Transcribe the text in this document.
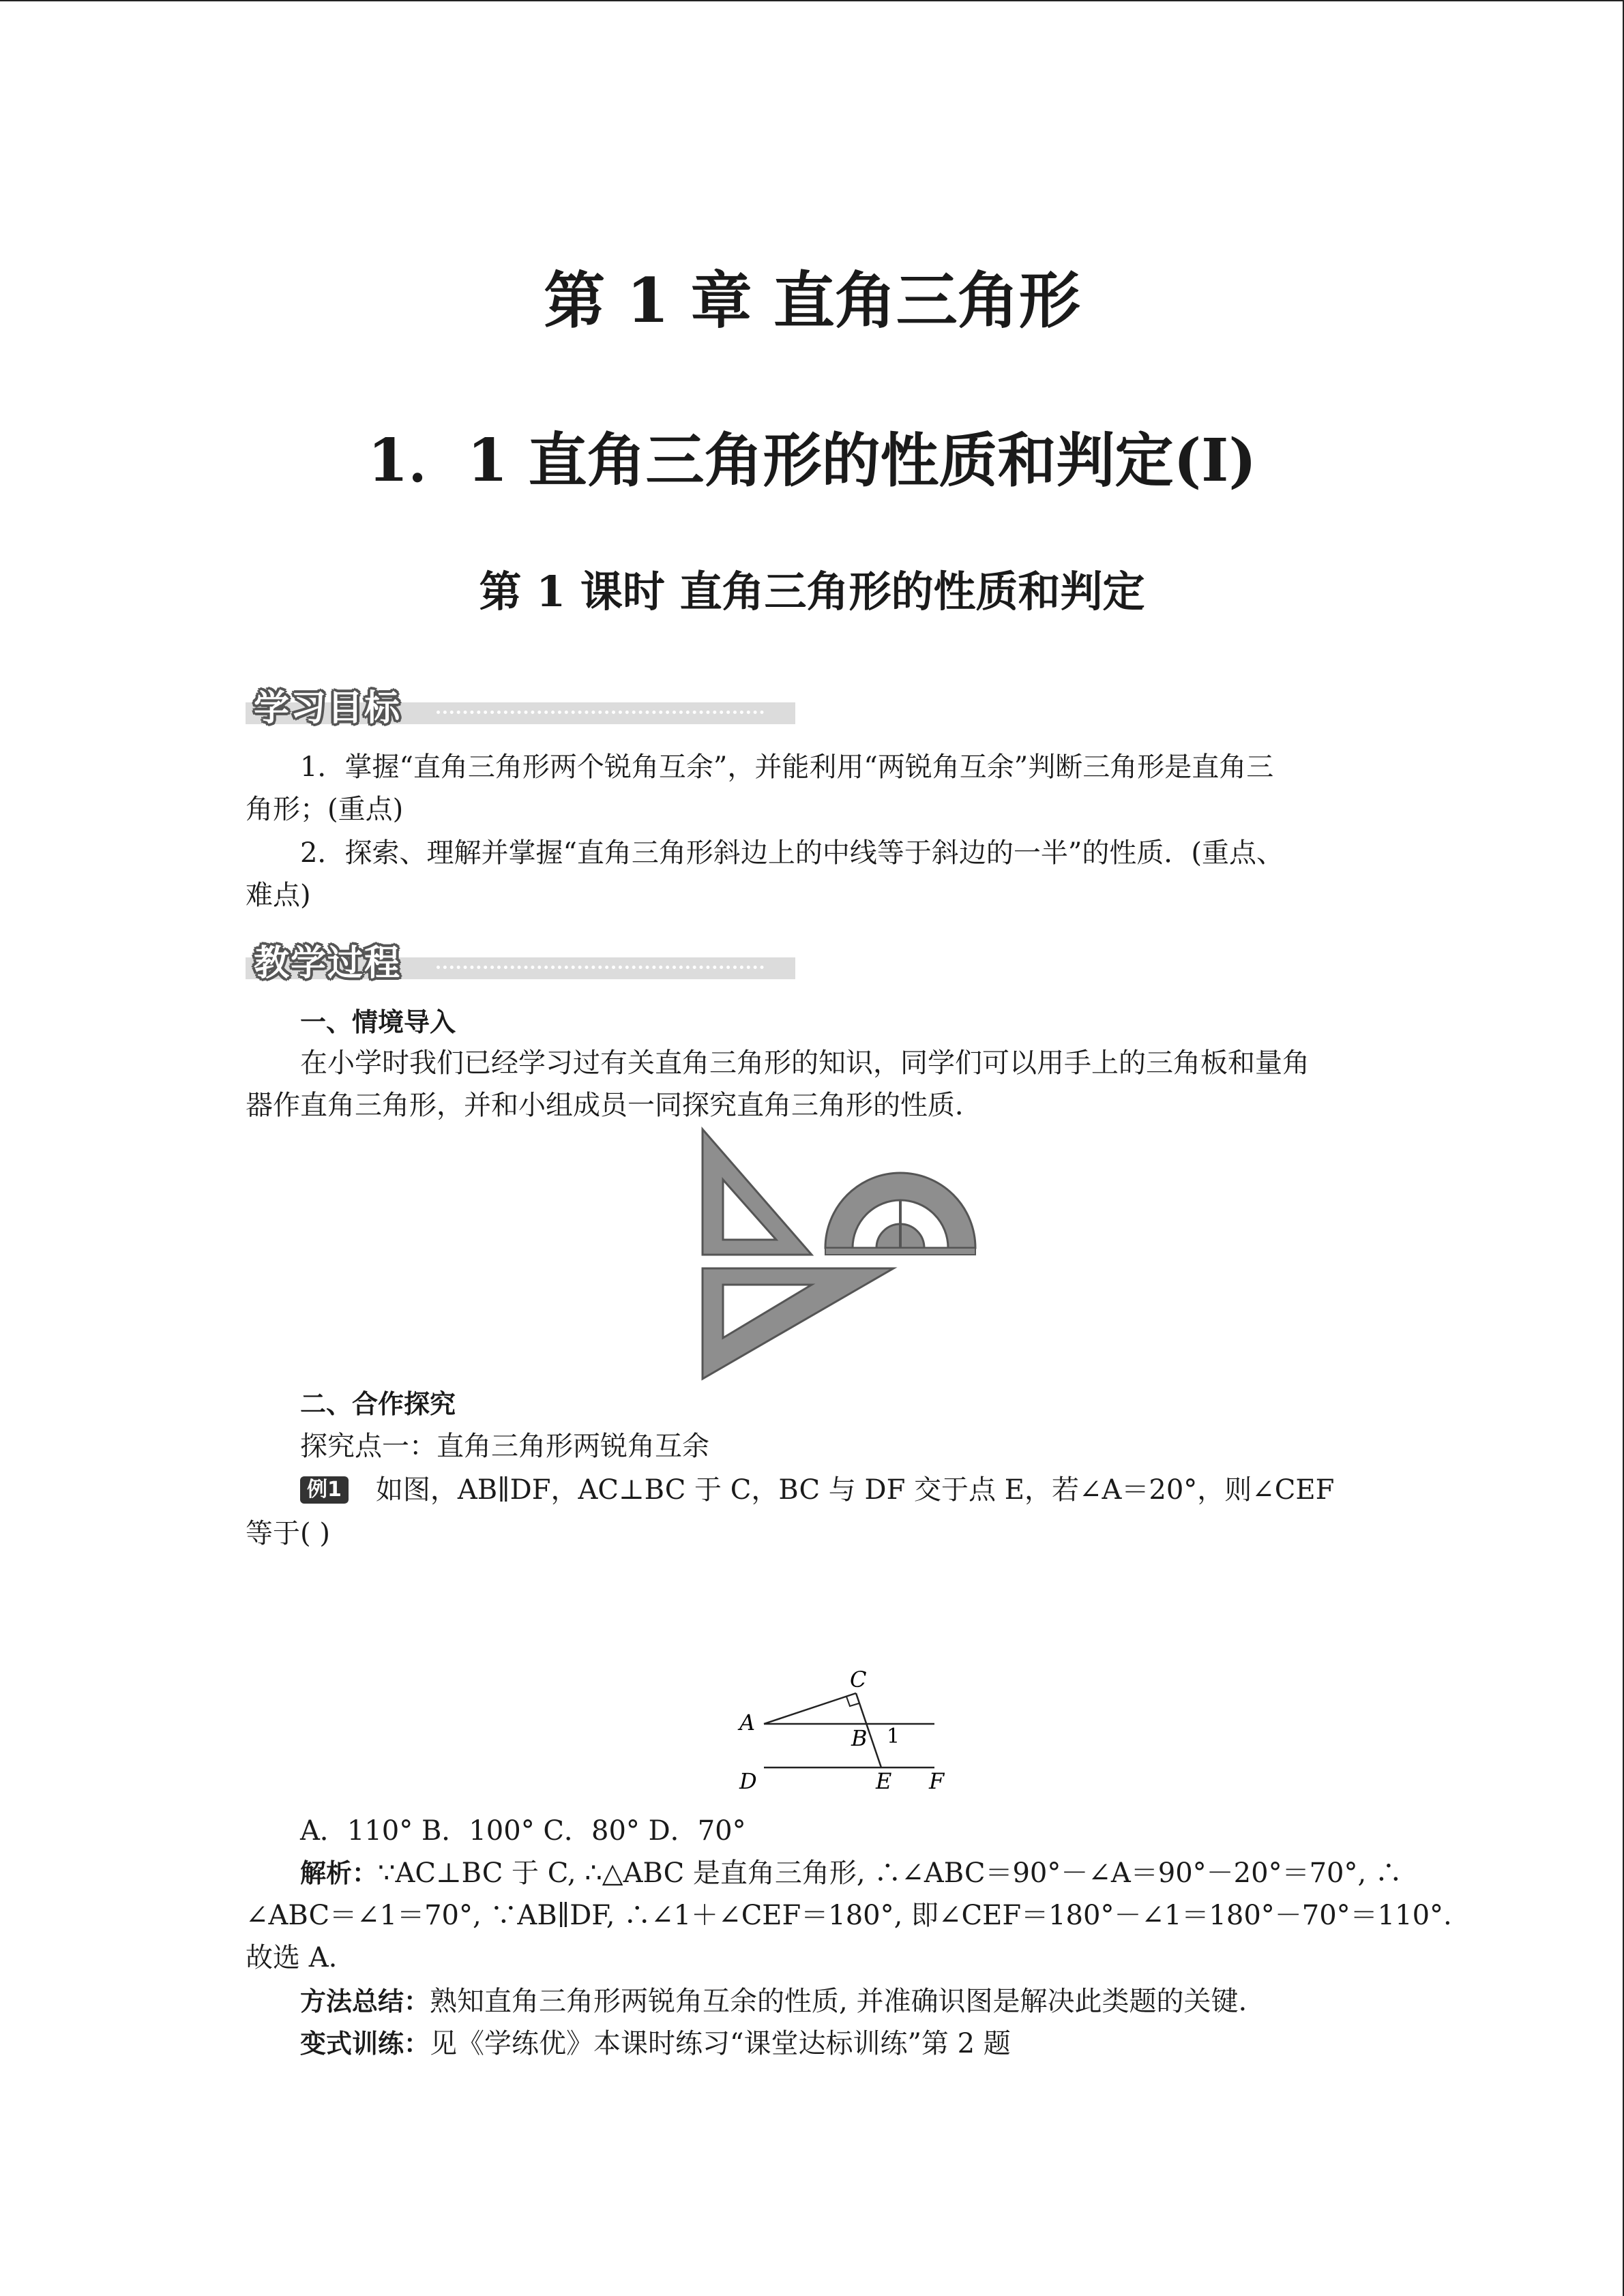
第 1 章 直角三角形
1．1 直角三角形的性质和判定(Ⅰ)
第 1 课时 直角三角形的性质和判定
学习目标
1．掌握“直角三角形两个锐角互余”，并能利用“两锐角互余”判断三角形是直角三
角形；(重点)
2．探索、理解并掌握“直角三角形斜边上的中线等于斜边的一半”的性质．(重点、
难点)
教学过程
一、情境导入
在小学时我们已经学习过有关直角三角形的知识，同学们可以用手上的三角板和量角
器作直角三角形，并和小组成员一同探究直角三角形的性质．
二、合作探究
探究点一：直角三角形两锐角互余
例1 如图，AB∥DF，AC⊥BC 于 C，BC 与 DF 交于点 E，若∠A＝20°，则∠CEF
等于( )
C
A
B 1
D	E F
A．110° B．100° C．80° D．70°
解析：∵AC⊥BC 于 C, ∴△ABC 是直角三角形, ∴∠ABC＝90°－∠A＝90°－20°＝70°, ∴
∠ABC＝∠1＝70°, ∵AB∥DF, ∴∠1＋∠CEF＝180°, 即∠CEF＝180°－∠1＝180°－70°＝110°.
故选 A.
方法总结：熟知直角三角形两锐角互余的性质, 并准确识图是解决此类题的关键.
变式训练：见《学练优》本课时练习“课堂达标训练”第 2 题
